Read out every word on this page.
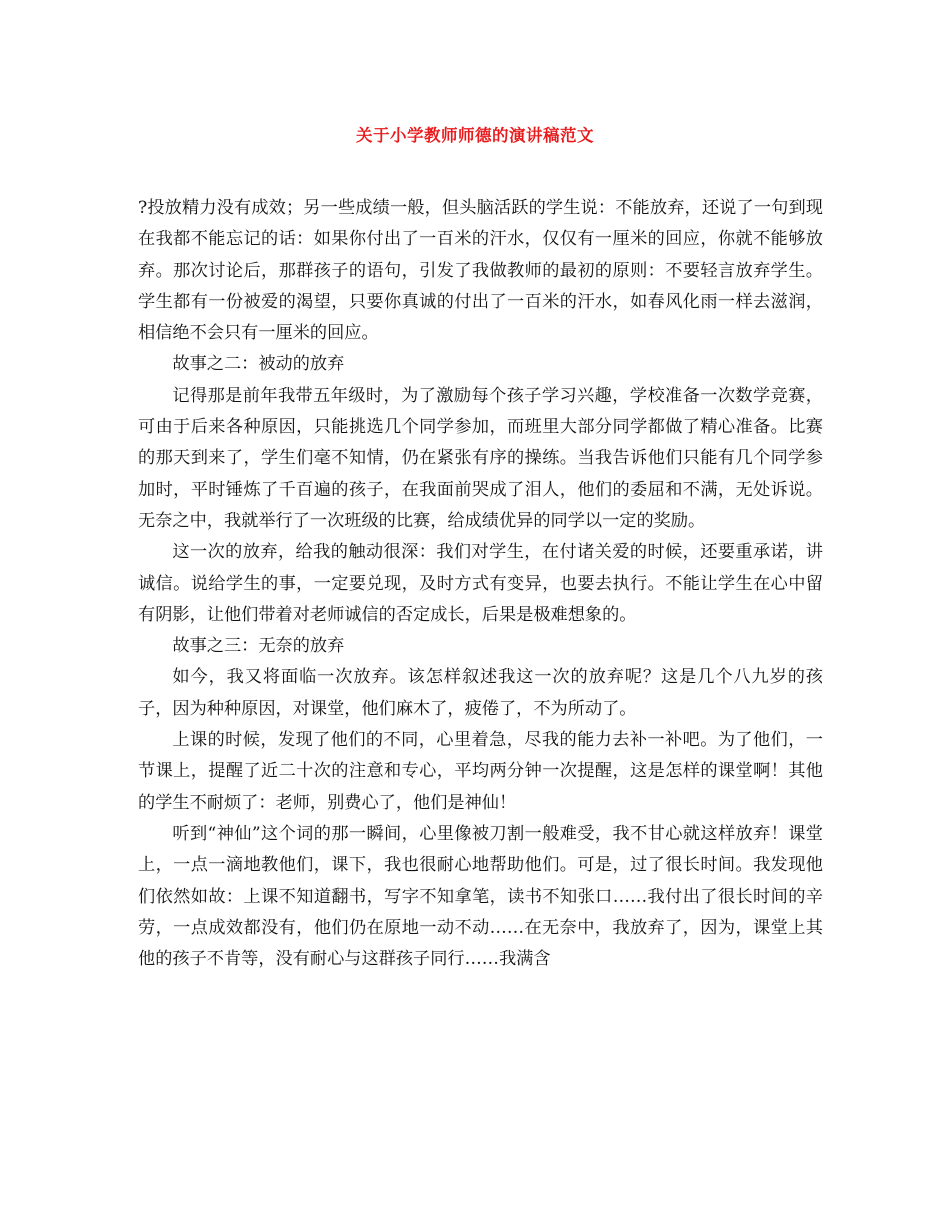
关于小学教师师德的演讲稿范文

?投放精力没有成效；另一些成绩一般，但头脑活跃的学生说：不能放弃，还说了一句到现在我都不能忘记的话：如果你付出了一百米的汗水，仅仅有一厘米的回应，你就不能够放弃。那次讨论后，那群孩子的语句，引发了我做教师的最初的原则：不要轻言放弃学生。学生都有一份被爱的渴望，只要你真诚的付出了一百米的汗水，如春风化雨一样去滋润，相信绝不会只有一厘米的回应。

故事之二：被动的放弃

记得那是前年我带五年级时，为了激励每个孩子学习兴趣，学校准备一次数学竞赛，可由于后来各种原因，只能挑选几个同学参加，而班里大部分同学都做了精心准备。比赛的那天到来了，学生们毫不知情，仍在紧张有序的操练。当我告诉他们只能有几个同学参加时，平时锤炼了千百遍的孩子，在我面前哭成了泪人，他们的委屈和不满，无处诉说。无奈之中，我就举行了一次班级的比赛，给成绩优异的同学以一定的奖励。

这一次的放弃，给我的触动很深：我们对学生，在付诸关爱的时候，还要重承诺，讲诚信。说给学生的事，一定要兑现，及时方式有变异，也要去执行。不能让学生在心中留有阴影，让他们带着对老师诚信的否定成长，后果是极难想象的。

故事之三：无奈的放弃

如今，我又将面临一次放弃。该怎样叙述我这一次的放弃呢？这是几个八九岁的孩子，因为种种原因，对课堂，他们麻木了，疲倦了，不为所动了。

上课的时候，发现了他们的不同，心里着急，尽我的能力去补一补吧。为了他们，一节课上，提醒了近二十次的注意和专心，平均两分钟一次提醒，这是怎样的课堂啊！其他的学生不耐烦了：老师，别费心了，他们是神仙！

听到“神仙”这个词的那一瞬间，心里像被刀割一般难受，我不甘心就这样放弃！课堂上，一点一滴地教他们，课下，我也很耐心地帮助他们。可是，过了很长时间。我发现他们依然如故：上课不知道翻书，写字不知拿笔，读书不知张口……我付出了很长时间的辛劳，一点成效都没有，他们仍在原地一动不动……在无奈中，我放弃了，因为，课堂上其他的孩子不肯等，没有耐心与这群孩子同行……我满含
